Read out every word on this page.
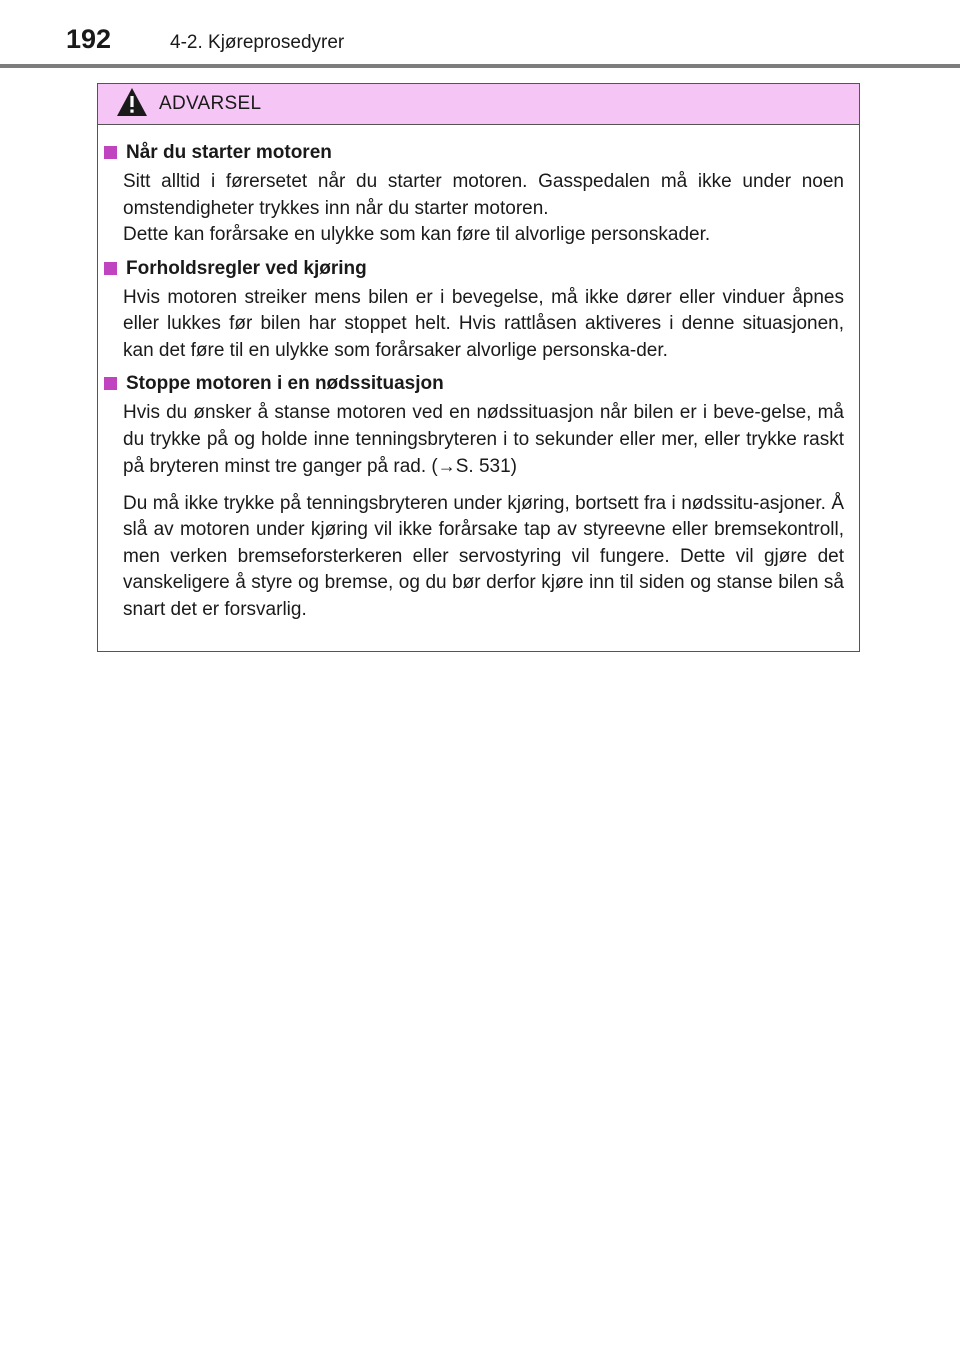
192	4-2. Kjøreprosedyrer
ADVARSEL
Når du starter motoren

Sitt alltid i førersetet når du starter motoren. Gasspedalen må ikke under noen omstendigheter trykkes inn når du starter motoren.

Dette kan forårsake en ulykke som kan føre til alvorlige personskader.

Forholdsregler ved kjøring

Hvis motoren streiker mens bilen er i bevegelse, må ikke dører eller vinduer åpnes eller lukkes før bilen har stoppet helt. Hvis rattlåsen aktiveres i denne situasjonen, kan det føre til en ulykke som forårsaker alvorlige personska-der.

Stoppe motoren i en nødssituasjon

Hvis du ønsker å stanse motoren ved en nødssituasjon når bilen er i beve-gelse, må du trykke på og holde inne tenningsbryteren i to sekunder eller mer, eller trykke raskt på bryteren minst tre ganger på rad. (→S. 531)

Du må ikke trykke på tenningsbryteren under kjøring, bortsett fra i nødssitu-asjoner. Å slå av motoren under kjøring vil ikke forårsake tap av styreevne eller bremsekontroll, men verken bremseforsterkeren eller servostyring vil fungere. Dette vil gjøre det vanskeligere å styre og bremse, og du bør derfor kjøre inn til siden og stanse bilen så snart det er forsvarlig.
